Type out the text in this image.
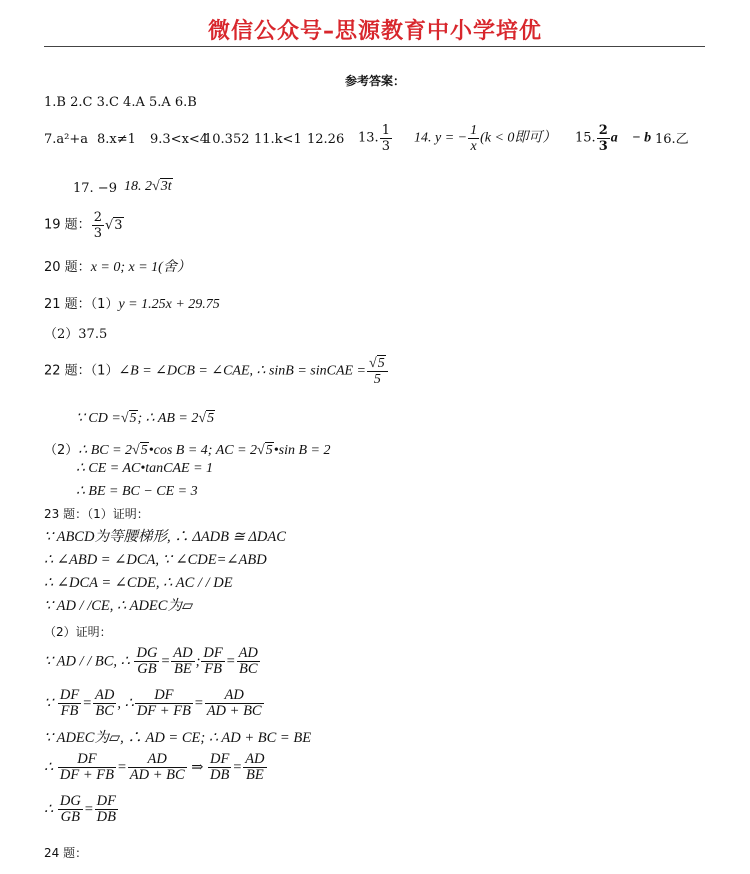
微信公众号–思源教育中小学培优
参考答案：
1.B 2.C 3.C 4.A 5.A 6.B
7.a²+a 8.x≠1 9.3<x<4
10.352 11.k<1 12.26 13. $\frac{1}{3} 14$. y = − $\frac{1}{x} (k < 0$即可） 15. $\frac{2}{3}$ a⃗ − b⃗
16.乙
17. −9 18. 2√3t
19 题： $\frac{2}{3} √3$
20 题：x = 0; x = 1(舍）
21 题：（1）y = 1.25x + 29.75
（2）37.5
22 题：（1）∠B = ∠DCB = ∠CAE, ∴ sinB = sinCAE = $\frac{√5}{5}$
∵ CD =√5; ∴ AB = 2√5
（2）∴ BC = 2√5•cos B = 4; AC = 2√5•sin B = 2
∴ CE = AC•tanCAE = 1
∴ BE = BC − CE = 3
23 题：（1）证明：
∵ ABCD为等腰梯形, ∴ ΔADB ≅ ΔDAC
∴ ∠ABD = ∠DCA, ∵ ∠CDE=∠ABD
∴ ∠DCA = ∠CDE, ∴ AC / / DE
∵ AD / /CE, ∴ ADEC为▱
（2）证明：
∵ AD / / BC, ∴ $\frac{DG}{GB} = \frac{AD}{BE}$ ; $\frac{DF}{FB} = \frac{AD}{BC}$
∵ $\frac{DF}{FB} = \frac{AD}{BC}$ , ∴ $\frac{DF}{DF + FB} = \frac{AD}{AD + BC}$
∵ ADEC为▱, ∴ AD = CE; ∴ AD + BC = BE
∴ $\frac{DF}{DF + FB} = \frac{AD}{AD + BC}$ ⇒ $\frac{DF}{DB} = \frac{AD}{BE}$
∴ $\frac{DG}{GB} = \frac{DF}{DB}$
24 题：
